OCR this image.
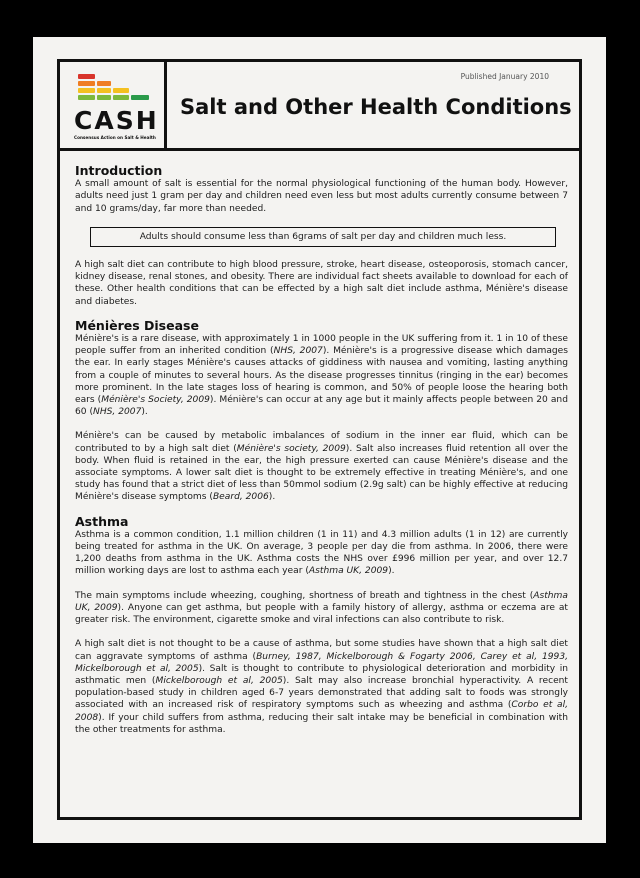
CASH
Consensus Action on Salt & Health
Published January 2010
Salt and Other Health Conditions
Introduction

A small amount of salt is essential for the normal physiological functioning of the human body. However, adults need just 1 gram per day and children need even less but most adults currently consume between 7 and 10 grams/day, far more than needed.

Adults should consume less than 6grams of salt per day and children much less.

A high salt diet can contribute to high blood pressure, stroke, heart disease, osteoporosis, stomach cancer, kidney disease, renal stones, and obesity. There are individual fact sheets available to download for each of these. Other health conditions that can be effected by a high salt diet include asthma, Ménière's disease and diabetes.

Ménières Disease

Ménière's is a rare disease, with approximately 1 in 1000 people in the UK suffering from it. 1 in 10 of these people suffer from an inherited condition (NHS, 2007). Ménière's is a progressive disease which damages the ear. In early stages Ménière's causes attacks of giddiness with nausea and vomiting, lasting anything from a couple of minutes to several hours. As the disease progresses tinnitus (ringing in the ear) becomes more prominent. In the late stages loss of hearing is common, and 50% of people loose the hearing both ears (Ménière's Society, 2009). Ménière's can occur at any age but it mainly affects people between 20 and 60 (NHS, 2007).

Ménière's can be caused by metabolic imbalances of sodium in the inner ear fluid, which can be contributed to by a high salt diet (Ménière's society, 2009). Salt also increases fluid retention all over the body. When fluid is retained in the ear, the high pressure exerted can cause Ménière's disease and the associate symptoms. A lower salt diet is thought to be extremely effective in treating Ménière's, and one study has found that a strict diet of less than 50mmol sodium (2.9g salt) can be highly effective at reducing Ménière's disease symptoms (Beard, 2006).

Asthma

Asthma is a common condition, 1.1 million children (1 in 11) and 4.3 million adults (1 in 12) are currently being treated for asthma in the UK. On average, 3 people per day die from asthma. In 2006, there were 1,200 deaths from asthma in the UK. Asthma costs the NHS over £996 million per year, and over 12.7 million working days are lost to asthma each year (Asthma UK, 2009).

The main symptoms include wheezing, coughing, shortness of breath and tightness in the chest (Asthma UK, 2009). Anyone can get asthma, but people with a family history of allergy, asthma or eczema are at greater risk. The environment, cigarette smoke and viral infections can also contribute to risk.

A high salt diet is not thought to be a cause of asthma, but some studies have shown that a high salt diet can aggravate symptoms of asthma (Burney, 1987, Mickelborough & Fogarty 2006, Carey et al, 1993, Mickelborough et al, 2005). Salt is thought to contribute to physiological deterioration and morbidity in asthmatic men (Mickelborough et al, 2005). Salt may also increase bronchial hyperactivity. A recent population-based study in children aged 6-7 years demonstrated that adding salt to foods was strongly associated with an increased risk of respiratory symptoms such as wheezing and asthma (Corbo et al, 2008). If your child suffers from asthma, reducing their salt intake may be beneficial in combination with the other treatments for asthma.
